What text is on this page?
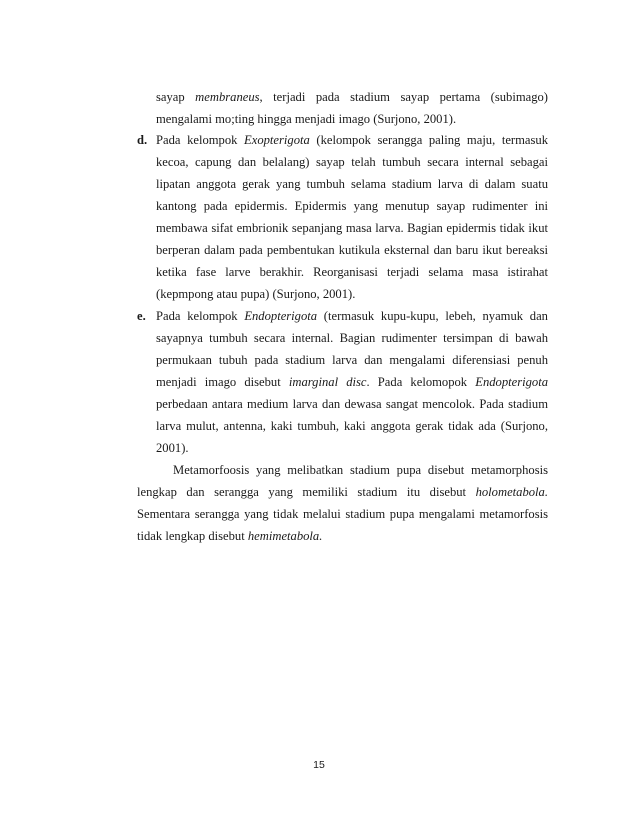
sayap membraneus, terjadi pada stadium sayap pertama (subimago)

mengalami mo;ting hingga menjadi imago (Surjono, 2001).

d. Pada kelompok Exopterigota (kelompok serangga paling maju, termasuk

kecoa, capung dan belalang) sayap telah tumbuh secara internal sebagai

lipatan anggota gerak yang tumbuh selama stadium larva di dalam suatu

kantong pada epidermis. Epidermis yang menutup sayap rudimenter ini

membawa sifat embrionik sepanjang masa larva. Bagian epidermis tidak ikut

berperan dalam pada pembentukan kutikula eksternal dan baru ikut bereaksi

ketika fase larve berakhir. Reorganisasi terjadi selama masa istirahat

(kepmpong atau pupa) (Surjono, 2001).

e. Pada kelompok Endopterigota (termasuk kupu-kupu, lebeh, nyamuk dan

sayapnya tumbuh secara internal. Bagian rudimenter tersimpan di bawah

permukaan tubuh pada stadium larva dan mengalami diferensiasi penuh

menjadi imago disebut imarginal disc. Pada kelomopok Endopterigota

perbedaan antara medium larva dan dewasa sangat mencolok. Pada stadium

larva mulut, antenna, kaki tumbuh, kaki anggota gerak tidak ada (Surjono,

2001).

Metamorfoosis yang melibatkan stadium pupa disebut metamorphosis

lengkap dan serangga yang memiliki stadium itu disebut holometabola.

Sementara serangga yang tidak melalui stadium pupa mengalami metamorfosis

tidak lengkap disebut hemimetabola.

15
